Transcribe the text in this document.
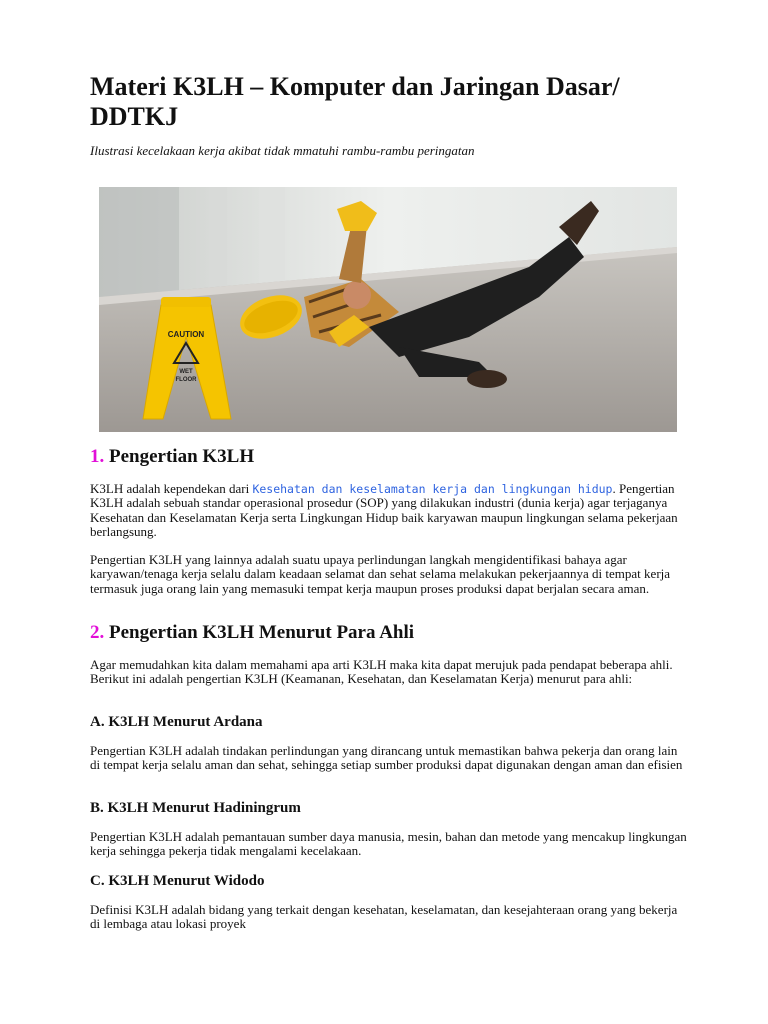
Materi K3LH – Komputer dan Jaringan Dasar/ DDTKJ

Ilustrasi kecelakaan kerja akibat tidak mmatuhi rambu-rambu peringatan

CAUTION
WET
FLOOR
1. Pengertian K3LH

K3LH adalah kependekan dari Kesehatan dan keselamatan kerja dan lingkungan hidup. Pengertian K3LH adalah sebuah standar operasional prosedur (SOP) yang dilakukan industri (dunia kerja) agar terjaganya Kesehatan dan Keselamatan Kerja serta Lingkungan Hidup baik karyawan maupun lingkungan selama pekerjaan berlangsung.

Pengertian K3LH yang lainnya adalah suatu upaya perlindungan langkah mengidentifikasi bahaya agar karyawan/tenaga kerja selalu dalam keadaan selamat dan sehat selama melakukan pekerjaannya di tempat kerja termasuk juga orang lain yang memasuki tempat kerja maupun proses produksi dapat berjalan secara aman.

2. Pengertian K3LH Menurut Para Ahli

Agar memudahkan kita dalam memahami apa arti K3LH maka kita dapat merujuk pada pendapat beberapa ahli. Berikut ini adalah pengertian K3LH (Keamanan, Kesehatan, dan Keselamatan Kerja) menurut para ahli:

A. K3LH Menurut Ardana

Pengertian K3LH adalah tindakan perlindungan yang dirancang untuk memastikan bahwa pekerja dan orang lain di tempat kerja selalu aman dan sehat, sehingga setiap sumber produksi dapat digunakan dengan aman dan efisien

B. K3LH Menurut Hadiningrum

Pengertian K3LH adalah pemantauan sumber daya manusia, mesin, bahan dan metode yang mencakup lingkungan kerja sehingga pekerja tidak mengalami kecelakaan.

C. K3LH Menurut Widodo

Definisi K3LH adalah bidang yang terkait dengan kesehatan, keselamatan, dan kesejahteraan orang yang bekerja di lembaga atau lokasi proyek
